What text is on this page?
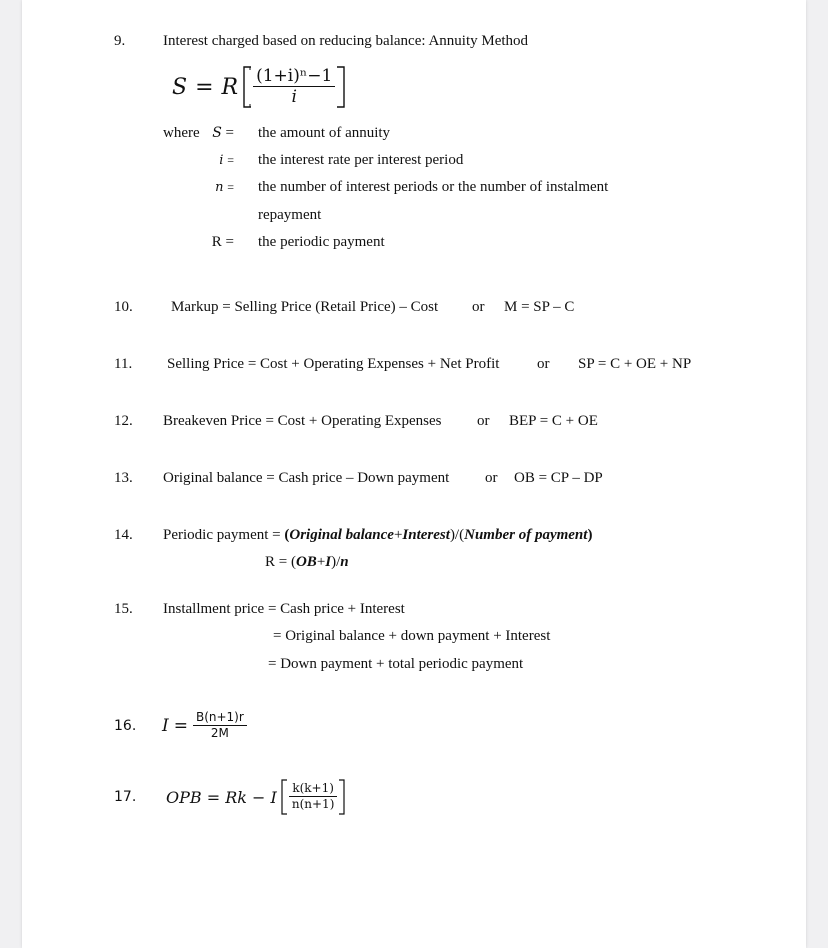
9.	Interest charged based on reducing balance: Annuity Method
S = R $\frac{\text{(1+i)ⁿ−1}}{i}$
where S = the amount of annuity
i = the interest rate per interest period
n = the number of interest periods or the number of instalment
repayment
R = the periodic payment
10.	Markup = Selling Price (Retail Price) – Cost or M = SP – C
11. Selling Price = Cost + Operating Expenses + Net Profit	or SP = C + OE + NP
12. Breakeven Price = Cost + Operating Expenses or BEP = C + OE
13. Original balance = Cash price – Down payment or OB = CP – DP
14. Periodic payment = (Original balance+Interest)/(Number of payment)
R = (OB+I)/n
15. Installment price = Cash price + Interest
= Original balance + down payment + Interest
= Down payment + total periodic payment
16. $I = \frac{B(n+1)r}{2M}$
17. OPB = Rk − I $\frac{k(k+1)}{n(n+1)}$
